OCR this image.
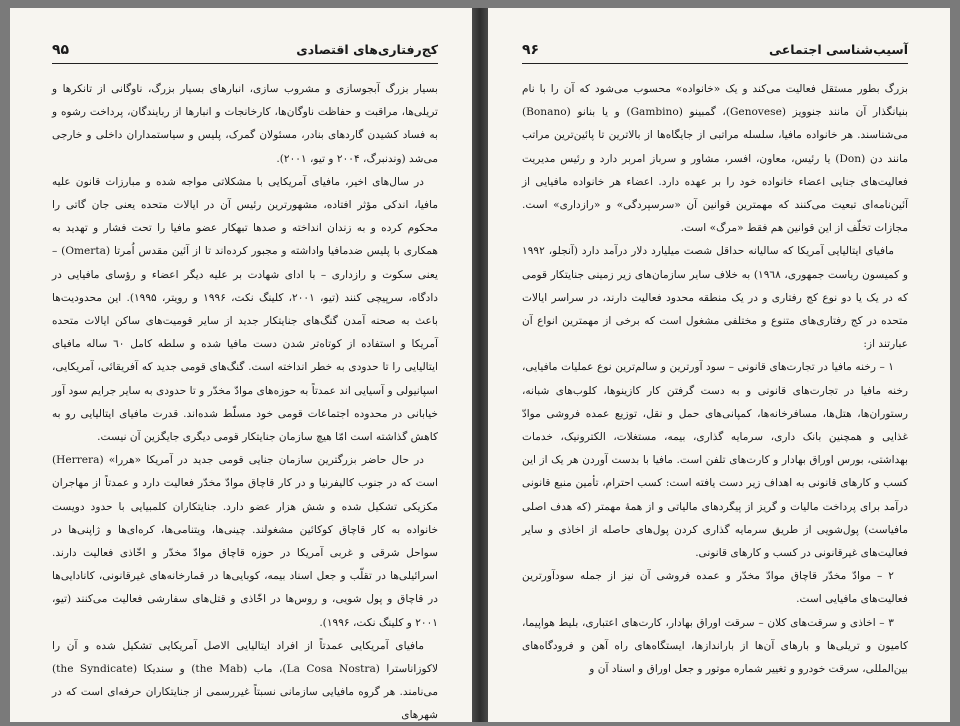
کج‌رفتاری‌های اقتصادی
۹۵

بسیار بزرگ آبجوسازی و مشروب سازی، انبارهای بسیار بزرگ، ناوگانی از تانکرها و تریلی‌ها، مراقبت و حفاظت ناوگان‌ها، کارخانجات و انبارها از ربایندگان، پرداخت رشوه و به فساد کشیدن گاردهای بنادر، مسئولان گمرک، پلیس و سیاستمداران داخلی و خارجی می‌شد (وندنبرگ، ۲۰۰۴ و تیو، ۲۰۰۱).

در سال‌های اخیر، مافیای آمریکایی با مشکلاتی مواجه شده و مبارزات قانون علیه مافیا، اندکی مؤثر افتاده، مشهورترین رئیس آن در ایالات متحده یعنی جان گاتی را محکوم کرده و به زندان انداخته و صدها تبهکار عضو مافیا را تحت فشار و تهدید به همکاری با پلیس ضدمافیا واداشته و مجبور کرده‌اند تا از آئین مقدس اُمرتا (Omerta) – یعنی سکوت و رازداری – با ادای شهادت بر علیه دیگر اعضاء و رؤسای مافیایی در دادگاه، سرپیچی کنند (تیو، ۲۰۰۱، کلینگ نکت، ۱۹۹۶ و رویتر، ۱۹۹۵). این محدودیت‌ها باعث به صحنه آمدن گنگ‌های جنایتکار جدید از سایر قومیت‌های ساکن ایالات متحده آمریکا و استفاده از کوتاه‌تر شدن دست مافیا شده و سلطه کامل ٦٠ ساله مافیای ایتالیایی را تا حدودی به خطر انداخته است. گنگ‌های قومی جدید که آفریقائی، آمریکایی، اسپانیولی و آسیایی اند عمدتاً به حوزه‌های موادّ مخدّر و تا حدودی به سایر جرایم سود آور خیابانی در محدوده اجتماعات قومی خود مسلّط شده‌اند. قدرت مافیای ایتالیایی رو به کاهش گذاشته است امّا هیچ سازمان جنایتکار قومی دیگری جایگزین آن نیست.

در حال حاضر بزرگترین سازمان جنایی قومی جدید در آمریکا «هررا» (Herrera) است که در جنوب کالیفرنیا و در کار قاچاق موادّ مخدّر فعالیت دارد و عمدتاً از مهاجران مکزیکی تشکیل شده و شش هزار عضو دارد. جنایتکاران کلمبیایی با حدود دویست خانواده به کار قاچاق کوکائین مشغولند. چینی‌ها، ویتنامی‌ها، کره‌ای‌ها و ژاپنی‌ها در سواحل شرقی و غربی آمریکا در حوزه قاچاق موادّ مخدّر و اخّاذی فعالیت دارند. اسرائیلی‌ها در تقلّب و جعل اسناد بیمه، کوبایی‌ها در قمارخانه‌های غیرقانونی، کانادایی‌ها در قاچاق و پول شویی، و روس‌ها در اخّاذی و قتل‌های سفارشی فعالیت می‌کنند (تیو، ۲۰۰۱ و کلینگ نکت، ۱۹۹۶).

مافیای آمریکایی عمدتاً از افراد ایتالیایی الاصل آمریکایی تشکیل شده و آن را لاکوزاناسترا (La Cosa Nostra)، ماب (the Mab) و سندیکا (the Syndicate) می‌نامند. هر گروه مافیایی سازمانی نسبتاً غیررسمی از جنایتکاران حرفه‌ای است که در شهرهای

آسیب‌شناسی اجتماعی
۹۶

بزرگ بطور مستقل فعالیت می‌کند و یک «خانواده» محسوب می‌شود که آن را با نام بنیانگذار آن مانند جنوویز (Genovese)، گمبینو (Gambino) و یا بنانو (Bonano) می‌شناسند. هر خانواده مافیا، سلسله مراتبی از جایگاه‌ها از بالاترین تا پائین‌ترین مراتب مانند دن (Don) یا رئیس، معاون، افسر، مشاور و سرباز امربر دارد و رئیس مدیریت فعالیت‌های جنایی اعضاء خانواده خود را بر عهده دارد. اعضاء هر خانواده مافیایی از آئین‌نامه‌ای تبعیت می‌کنند که مهمترین قوانین آن «سرسپردگی» و «رازداری» است. مجازات تخلّف از این قوانین هم فقط «مرگ» است.

مافیای ایتالیایی آمریکا که سالیانه حداقل شصت میلیارد دلار درآمد دارد (آنجلو، ۱۹۹۲ و کمیسون ریاست جمهوری، ۱۹٦۸) به خلاف سایر سازمان‌های زیر زمینی جنایتکار قومی که در یک یا دو نوع کج رفتاری و در یک منطقه محدود فعالیت دارند، در سراسر ایالات متحده در کج رفتاری‌های متنوع و مختلفی مشغول است که برخی از مهمترین انواع آن عبارتند از:

۱ – رخنه مافیا در تجارت‌های قانونی – سود آورترین و سالم‌ترین نوع عملیات مافیایی، رخنه مافیا در تجارت‌های قانونی و به دست گرفتن کار کازینوها، کلوب‌های شبانه، رستوران‌ها، هتل‌ها، مسافرخانه‌ها، کمپانی‌های حمل و نقل، توزیع عمده فروشی موادّ غذایی و همچنین بانک داری، سرمایه گذاری، بیمه، مستغلات، الکترونیک، خدمات بهداشتی، بورس اوراق بهادار و کارت‌های تلفن است. مافیا با بدست آوردن هر یک از این کسب و کارهای قانونی به اهداف زیر دست یافته است: کسب احترام، تأمین منبع قانونی درآمد برای پرداخت مالیات و گریز از پیگردهای مالیاتی و از همهٔ مهمتر (که هدف اصلی مافیاست) پول‌شویی از طریق سرمایه گذاری کردن پول‌های حاصله از اخاذی و سایر فعالیت‌های غیرقانونی در کسب و کارهای قانونی.

۲ – موادّ مخدّر قاچاق موادّ مخدّر و عمده فروشی آن نیز از جمله سودآورترین فعالیت‌های مافیایی است.

۳ – اخاذی و سرقت‌های کلان – سرقت اوراق بهادار، کارت‌های اعتباری، بلیط هواپیما، کامیون و تریلی‌ها و بارهای آن‌ها از بارانداز‌ها، ایستگاه‌های راه آهن و فرودگاه‌های بین‌المللی، سرقت خودرو و تغییر شماره موتور و جعل اوراق و اسناد آن و
